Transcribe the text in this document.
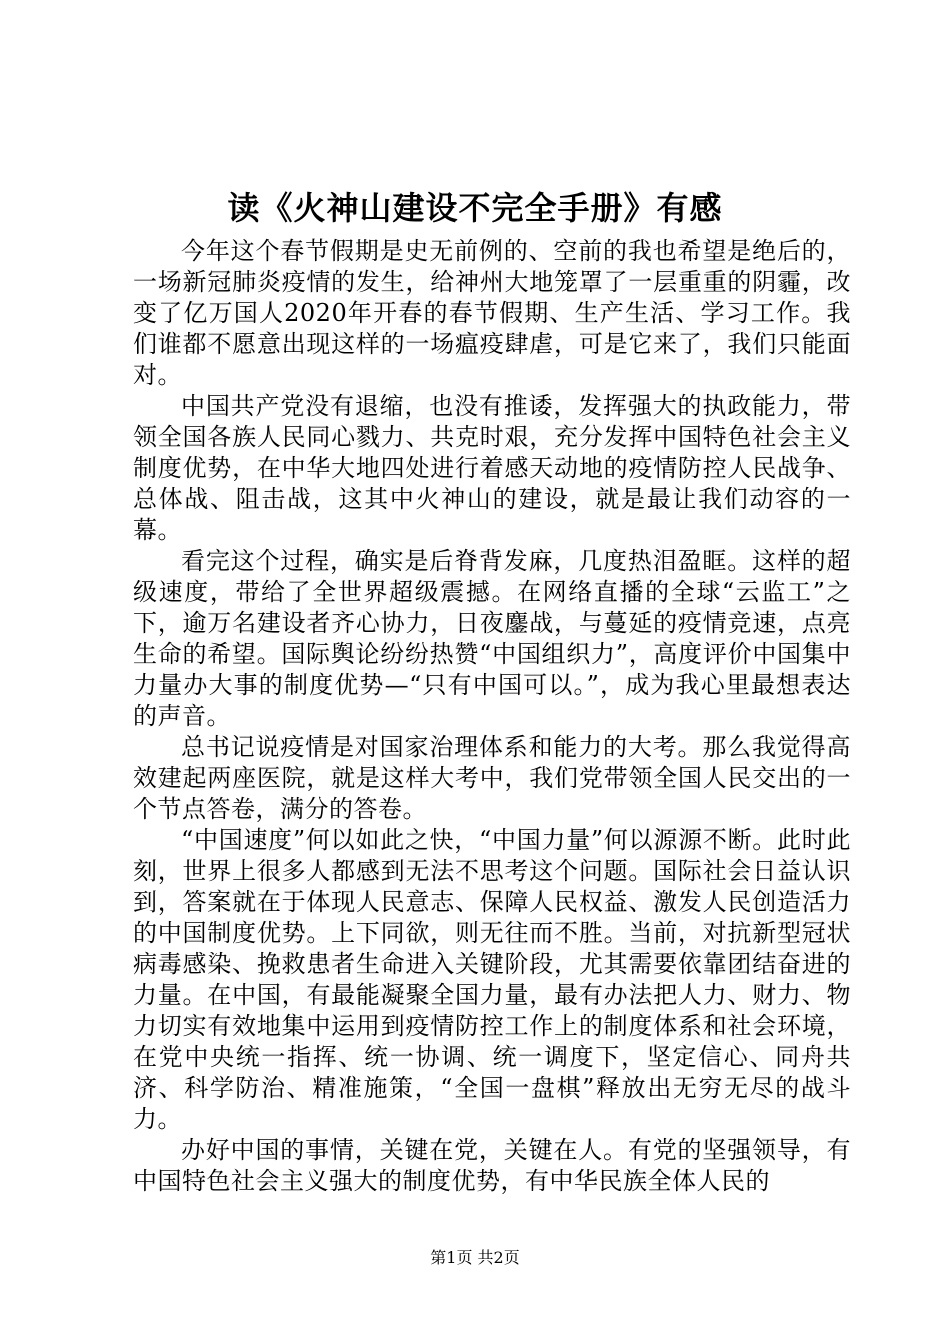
读《火神山建设不完全手册》有感

今年这个春节假期是史无前例的、空前的我也希望是绝后的，一场新冠肺炎疫情的发生，给神州大地笼罩了一层重重的阴霾，改变了亿万国人2020年开春的春节假期、生产生活、学习工作。我们谁都不愿意出现这样的一场瘟疫肆虐，可是它来了，我们只能面对。

中国共产党没有退缩，也没有推诿，发挥强大的执政能力，带领全国各族人民同心戮力、共克时艰，充分发挥中国特色社会主义制度优势，在中华大地四处进行着感天动地的疫情防控人民战争、总体战、阻击战，这其中火神山的建设，就是最让我们动容的一幕。

看完这个过程，确实是后脊背发麻，几度热泪盈眶。这样的超级速度，带给了全世界超级震撼。在网络直播的全球“云监工”之下，逾万名建设者齐心协力，日夜鏖战，与蔓延的疫情竞速，点亮生命的希望。国际舆论纷纷热赞“中国组织力”，高度评价中国集中力量办大事的制度优势—“只有中国可以。”，成为我心里最想表达的声音。

总书记说疫情是对国家治理体系和能力的大考。那么我觉得高效建起两座医院，就是这样大考中，我们党带领全国人民交出的一个节点答卷，满分的答卷。

“中国速度”何以如此之快，“中国力量”何以源源不断。此时此刻，世界上很多人都感到无法不思考这个问题。国际社会日益认识到，答案就在于体现人民意志、保障人民权益、激发人民创造活力的中国制度优势。上下同欲，则无往而不胜。当前，对抗新型冠状病毒感染、挽救患者生命进入关键阶段，尤其需要依靠团结奋进的力量。在中国，有最能凝聚全国力量，最有办法把人力、财力、物力切实有效地集中运用到疫情防控工作上的制度体系和社会环境，在党中央统一指挥、统一协调、统一调度下，坚定信心、同舟共济、科学防治、精准施策，“全国一盘棋”释放出无穷无尽的战斗力。

办好中国的事情，关键在党，关键在人。有党的坚强领导，有中国特色社会主义强大的制度优势，有中华民族全体人民的

第1页 共2页
